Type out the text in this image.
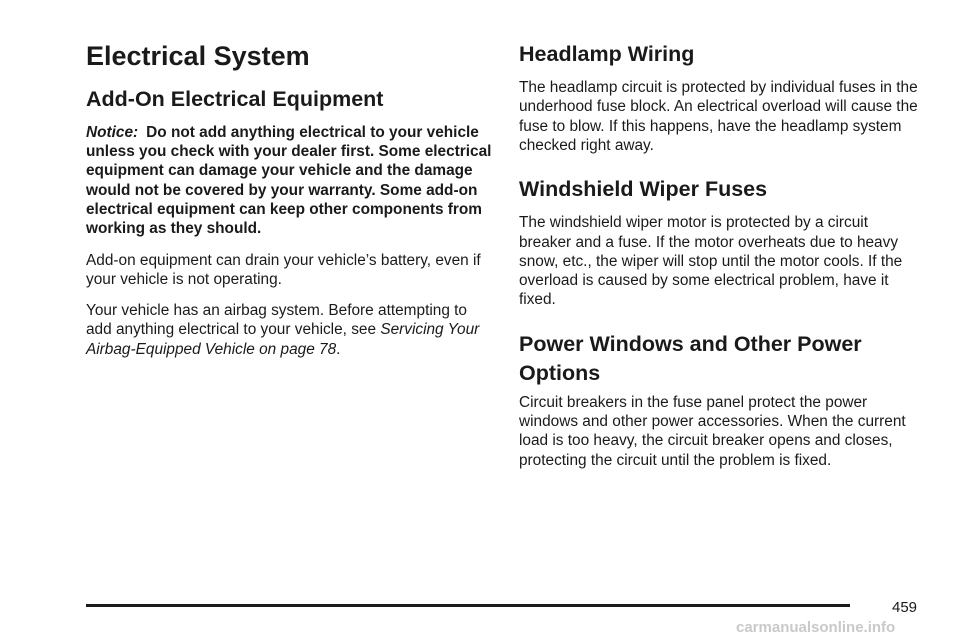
Electrical System
Add-On Electrical Equipment

Notice: Do not add anything electrical to your vehicle unless you check with your dealer first. Some electrical equipment can damage your vehicle and the damage would not be covered by your warranty. Some add-on electrical equipment can keep other components from working as they should.

Add-on equipment can drain your vehicle’s battery, even if your vehicle is not operating.

Your vehicle has an airbag system. Before attempting to add anything electrical to your vehicle, see Servicing Your Airbag-Equipped Vehicle on page 78.

Headlamp Wiring

The headlamp circuit is protected by individual fuses in the underhood fuse block. An electrical overload will cause the fuse to blow. If this happens, have the headlamp system checked right away.

Windshield Wiper Fuses

The windshield wiper motor is protected by a circuit breaker and a fuse. If the motor overheats due to heavy snow, etc., the wiper will stop until the motor cools. If the overload is caused by some electrical problem, have it fixed.

Power Windows and Other Power Options

Circuit breakers in the fuse panel protect the power windows and other power accessories. When the current load is too heavy, the circuit breaker opens and closes, protecting the circuit until the problem is fixed.

459
carmanualsonline.info
